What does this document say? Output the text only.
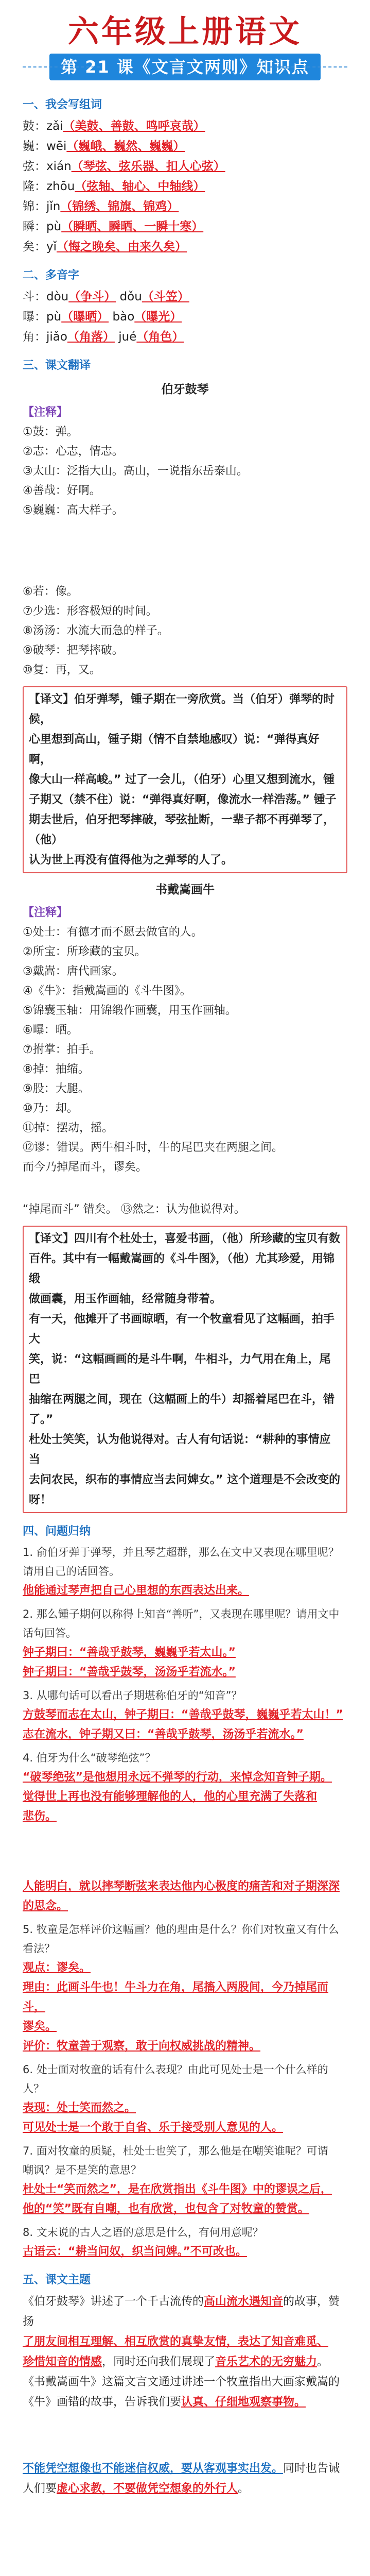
六年级上册语文
第 21 课《文言文两则》知识点
一、我会写组词

鼓：zǎi（美鼓、善鼓、鸣呼哀哉）

巍：wēi（巍峨、巍然、巍巍）

弦：xián（琴弦、弦乐器、扣人心弦）

隆：zhōu（弦轴、轴心、中轴线）

锦：jǐn（锦绣、锦旗、锦鸡）

瞬：pù（瞬晒、瞬晒、一瞬十寒）

矣：yǐ（悔之晚矣、由来久矣）

二、多音字

斗：dòu（争斗） dǒu（斗笠）

曝：pù（曝晒） bào（曝光）

角：jiǎo（角落） jué（角色）

三、课文翻译
伯牙鼓琴

【注释】

①鼓：弹。

②志：心志，情志。

③太山：泛指大山。高山，一说指东岳泰山。

④善哉：好啊。

⑤巍巍：高大样子。

⑥若：像。

⑦少选：形容极短的时间。

⑧汤汤：水流大而急的样子。

⑨破琴：把琴摔破。

⑩复：再，又。

【译文】伯牙弹琴，锺子期在一旁欣赏。当（伯牙）弹琴的时候，

心里想到高山，锺子期（情不自禁地感叹）说：“弹得真好啊，

像大山一样高峻。” 过了一会儿，（伯牙）心里又想到流水，锺

子期又（禁不住）说：“弹得真好啊，像流水一样浩荡。” 锺子

期去世后，伯牙把琴摔破，琴弦扯断，一辈子都不再弹琴了，（他）

认为世上再没有值得他为之弹琴的人了。

书戴嵩画牛

【注释】

①处士：有德才而不愿去做官的人。

②所宝：所珍藏的宝贝。

③戴嵩：唐代画家。

④《牛》：指戴嵩画的《斗牛图》。

⑤锦囊玉轴：用锦缎作画囊，用玉作画轴。

⑥曝：晒。

⑦拊掌：拍手。

⑧掉：抽缩。

⑨股：大腿。

⑩乃：却。

⑪掉：摆动，摇。

⑫谬：错误。两牛相斗时，牛的尾巴夹在两腿之间。

而今乃掉尾而斗，谬矣。

“掉尾而斗” 错矣。 ⑬然之：认为他说得对。

【译文】四川有个杜处士，喜爱书画，（他）所珍藏的宝贝有数

百件。其中有一幅戴嵩画的《斗牛图》，（他）尤其珍爱，用锦缎

做画囊，用玉作画轴，经常随身带着。

有一天，他摊开了书画晾晒，有一个牧童看见了这幅画，拍手大

笑，说：“这幅画画的是斗牛啊，牛相斗，力气用在角上，尾巴

抽缩在两腿之间，现在（这幅画上的牛）却摇着尾巴在斗，错了。”

杜处士笑笑，认为他说得对。古人有句话说：“耕种的事情应当

去问农民，织布的事情应当去问婢女。” 这个道理是不会改变的

呀！

四、问题归纳

1. 俞伯牙弹于弹琴，并且琴艺超群，那么在文中又表现在哪里呢？

请用自己的话回答。

他能通过琴声把自己心里想的东西表达出来。

2. 那么锺子期何以称得上知音“善听”，又表现在哪里呢？请用文中话句回答。

钟子期曰：“善哉乎鼓琴，巍巍乎若太山。”

钟子期曰：“善哉乎鼓琴，汤汤乎若流水。”

3. 从哪句话可以看出子期堪称伯牙的“知音”？

方鼓琴而志在太山，钟子期曰：“善哉乎鼓琴，巍巍乎若太山！”

志在流水，钟子期又曰：“善哉乎鼓琴，汤汤乎若流水。”

4. 伯牙为什么“破琴绝弦”？

“破琴绝弦”是他想用永远不弹琴的行动，来悼念知音钟子期。

觉得世上再也没有能够理解他的人，他的心里充满了失落和

悲伤。

人能明白，就以摔琴断弦来表达他内心极度的痛苦和对子期深深

的思念。

5. 牧童是怎样评价这幅画？他的理由是什么？你们对牧童又有什么看法？

观点：谬矣。

理由：此画斗牛也！牛斗力在角，尾搐入两股间，今乃掉尾而斗，

谬矣。

评价：牧童善于观察，敢于向权威挑战的精神。

6. 处士面对牧童的话有什么表现？由此可见处士是一个什么样的人？

表现：处士笑而然之。

可见处士是一个敢于自省、乐于接受别人意见的人。

7. 面对牧童的质疑，杜处士也笑了，那么他是在嘲笑谁呢？可谓

嘲讽？是不是笑的意思？

杜处士“笑而然之”，是在欣赏指出《斗牛图》中的谬误之后，

他的“笑”既有自嘲，也有欣赏，也包含了对牧童的赞赏。

8. 文末说的古人之语的意思是什么，有何用意呢？

古语云：“耕当问奴，织当问婢。”不可改也。

五、课文主题

《伯牙鼓琴》讲述了一个千古流传的高山流水遇知音的故事，赞扬

了朋友间相互理解、相互欣赏的真挚友情，表达了知音难觅、

珍惜知音的情感，同时还向我们展现了音乐艺术的无穷魅力。

《书戴嵩画牛》这篇文言文通过讲述一个牧童指出大画家戴嵩的

《牛》画错的故事，告诉我们要认真、仔细地观察事物。

不能凭空想像也不能迷信权威，要从客观事实出发。同时也告诫

人们要虚心求教，不要做凭空想象的外行人。
